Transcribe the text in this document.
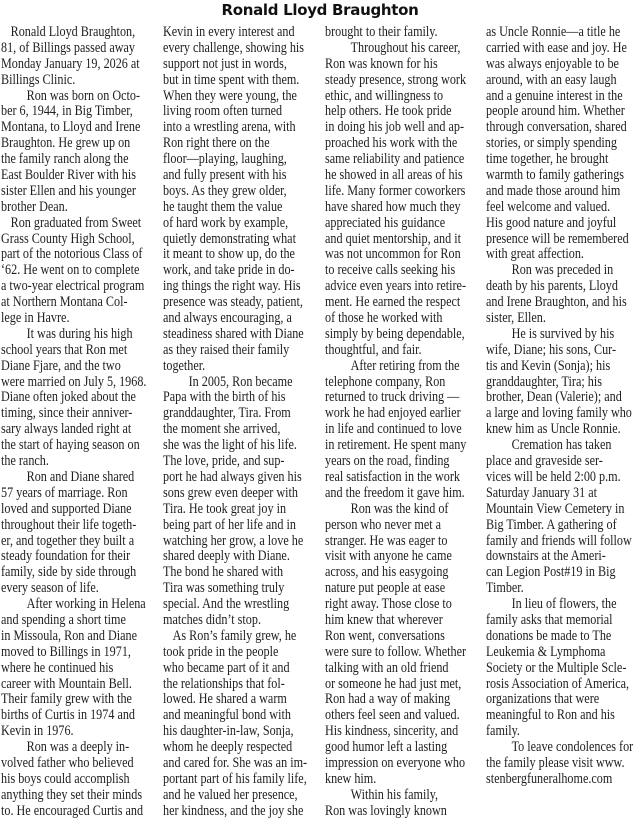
Ronald Lloyd Braughton
Ronald Lloyd Braughton,
81, of Billings passed away
Monday January 19, 2026 at
Billings Clinic.
Ron was born on Octo-
ber 6, 1944, in Big Timber,
Montana, to Lloyd and Irene
Braughton. He grew up on
the family ranch along the
East Boulder River with his
sister Ellen and his younger
brother Dean.
Ron graduated from Sweet
Grass County High School,
part of the notorious Class of
‘62. He went on to complete
a two-year electrical program
at Northern Montana Col-
lege in Havre.
It was during his high
school years that Ron met
Diane Fjare, and the two
were married on July 5, 1968.
Diane often joked about the
timing, since their anniver-
sary always landed right at
the start of haying season on
the ranch.
Ron and Diane shared
57 years of marriage. Ron
loved and supported Diane
throughout their life togeth-
er, and together they built a
steady foundation for their
family, side by side through
every season of life.
After working in Helena
and spending a short time
in Missoula, Ron and Diane
moved to Billings in 1971,
where he continued his
career with Mountain Bell.
Their family grew with the
births of Curtis in 1974 and
Kevin in 1976.
Ron was a deeply in-
volved father who believed
his boys could accomplish
anything they set their minds
to. He encouraged Curtis and
Kevin in every interest and
every challenge, showing his
support not just in words,
but in time spent with them.
When they were young, the
living room often turned
into a wrestling arena, with
Ron right there on the
floor—playing, laughing,
and fully present with his
boys. As they grew older,
he taught them the value
of hard work by example,
quietly demonstrating what
it meant to show up, do the
work, and take pride in do-
ing things the right way. His
presence was steady, patient,
and always encouraging, a
steadiness shared with Diane
as they raised their family
together.
In 2005, Ron became
Papa with the birth of his
granddaughter, Tira. From
the moment she arrived,
she was the light of his life.
The love, pride, and sup-
port he had always given his
sons grew even deeper with
Tira. He took great joy in
being part of her life and in
watching her grow, a love he
shared deeply with Diane.
The bond he shared with
Tira was something truly
special. And the wrestling
matches didn’t stop.
As Ron’s family grew, he
took pride in the people
who became part of it and
the relationships that fol-
lowed. He shared a warm
and meaningful bond with
his daughter-in-law, Sonja,
whom he deeply respected
and cared for. She was an im-
portant part of his family life,
and he valued her presence,
her kindness, and the joy she
brought to their family.
Throughout his career,
Ron was known for his
steady presence, strong work
ethic, and willingness to
help others. He took pride
in doing his job well and ap-
proached his work with the
same reliability and patience
he showed in all areas of his
life. Many former coworkers
have shared how much they
appreciated his guidance
and quiet mentorship, and it
was not uncommon for Ron
to receive calls seeking his
advice even years into retire-
ment. He earned the respect
of those he worked with
simply by being dependable,
thoughtful, and fair.
After retiring from the
telephone company, Ron
returned to truck driving —
work he had enjoyed earlier
in life and continued to love
in retirement. He spent many
years on the road, finding
real satisfaction in the work
and the freedom it gave him.
Ron was the kind of
person who never met a
stranger. He was eager to
visit with anyone he came
across, and his easygoing
nature put people at ease
right away. Those close to
him knew that wherever
Ron went, conversations
were sure to follow. Whether
talking with an old friend
or someone he had just met,
Ron had a way of making
others feel seen and valued.
His kindness, sincerity, and
good humor left a lasting
impression on everyone who
knew him.
Within his family,
Ron was lovingly known
as Uncle Ronnie—a title he
carried with ease and joy. He
was always enjoyable to be
around, with an easy laugh
and a genuine interest in the
people around him. Whether
through conversation, shared
stories, or simply spending
time together, he brought
warmth to family gatherings
and made those around him
feel welcome and valued.
His good nature and joyful
presence will be remembered
with great affection.
Ron was preceded in
death by his parents, Lloyd
and Irene Braughton, and his
sister, Ellen.
He is survived by his
wife, Diane; his sons, Cur-
tis and Kevin (Sonja); his
granddaughter, Tira; his
brother, Dean (Valerie); and
a large and loving family who
knew him as Uncle Ronnie.
Cremation has taken
place and graveside ser-
vices will be held 2:00 p.m.
Saturday January 31 at
Mountain View Cemetery in
Big Timber. A gathering of
family and friends will follow
downstairs at the Ameri-
can Legion Post#19 in Big
Timber.
In lieu of flowers, the
family asks that memorial
donations be made to The
Leukemia & Lymphoma
Society or the Multiple Scle-
rosis Association of America,
organizations that were
meaningful to Ron and his
family.
To leave condolences for
the family please visit www.
stenbergfuneralhome.com
